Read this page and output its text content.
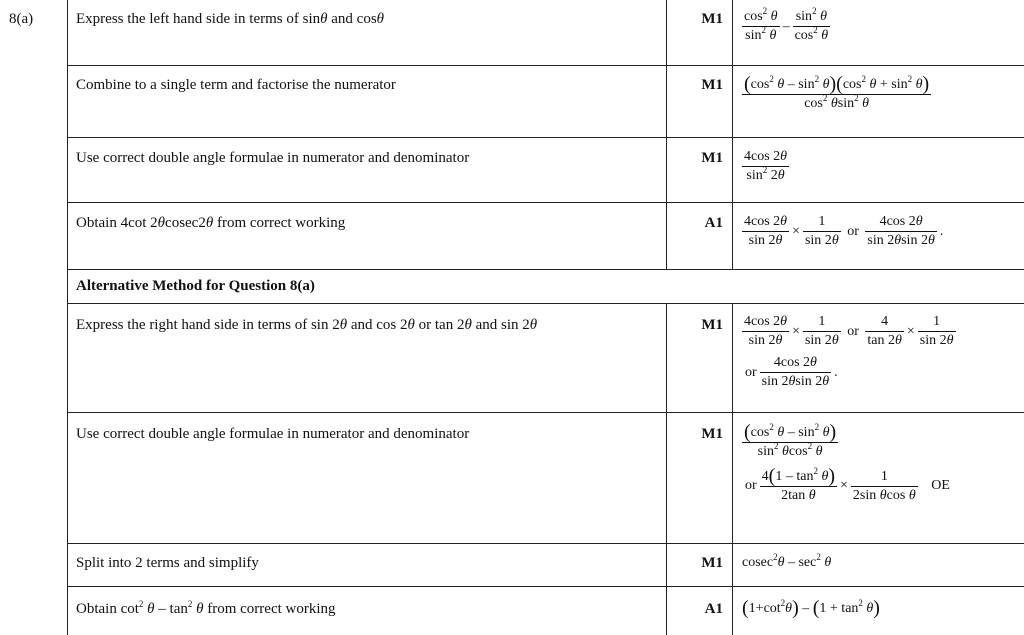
8(a)	Express the left hand side in terms of sinθ and cosθ
Combine to a single term and factorise the numerator
Use correct double angle formulae in numerator and denominator
Obtain 4cot 2θcosec2θ from correct working
Alternative Method for Question 8(a)
Express the right hand side in terms of sin 2θ and cos 2θ or tan 2θ and sin 2θ
Use correct double angle formulae in numerator and denominator
Split into 2 terms and simplify
Obtain $\cot^2 \theta - \tan^2 \theta$ from correct working
M1
M1
M1
A1
M1
M1
M1
A1
$\frac{\cos^2 \theta}{\sin^2 \theta} - \frac{\sin^2 \theta}{\cos^2 \theta}$
$\frac{(\cos^2 \theta - \sin^2 \theta)(\cos^2 \theta + \sin^2 \theta)}{\cos^2 \theta\sin^2 \theta}$
$\frac{4\cos 2\theta}{\sin^2 2\theta}$
$\frac{4\cos 2\theta}{\sin 2\theta} \times \frac{1}{\sin 2\theta}$ or $\frac{4\cos 2\theta}{\sin 2\theta\sin 2\theta}$ .
$\frac{4\cos 2\theta}{\sin 2\theta} \times \frac{1}{\sin 2\theta}$ or $\frac{4}{\tan 2\theta} \times \frac{1}{\sin 2\theta}$
or $\frac{4\cos 2\theta}{\sin 2\theta\sin 2\theta}$ .
$\frac{(\cos^2 \theta - \sin^2 \theta)}{\sin^2 \theta\cos^2 \theta}$
or $\frac{4(1 - \tan^2 \theta)}{\text{2tan θ}} \times \frac{1}{\text{2sin θcos θ}}$ OE
$cosec^2\theta - \sec^2 \theta$
$(1+\cot^2\theta) - (1 + \tan^2 \theta)$
